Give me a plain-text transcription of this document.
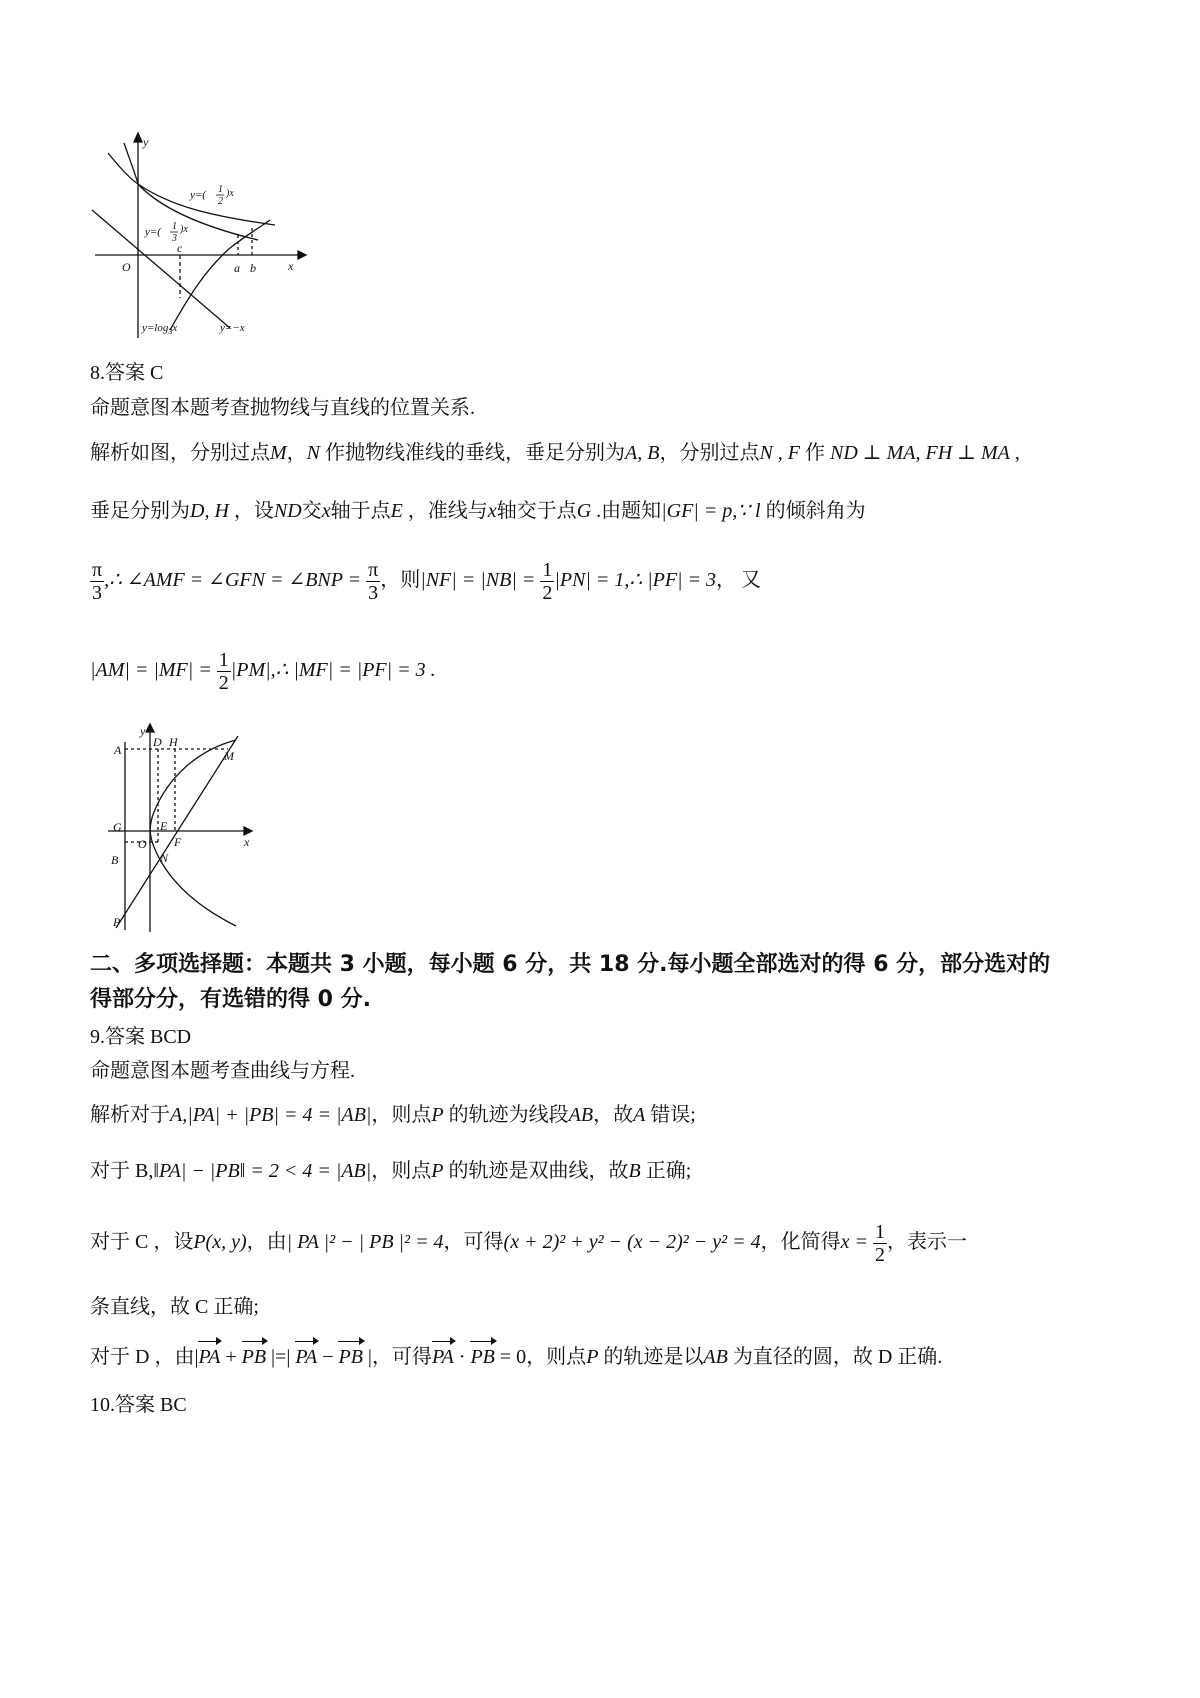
y
x
O
c
a b
y=( 1
2
)x
y=( 1
3
)x
$y=\log_3x$	y=−x
8.答案 C
命题意图本题考查抛物线与直线的位置关系.
解析如图，分别过点M，N 作抛物线准线的垂线，垂足分别为A, B，分别过点N , F 作 ND ⊥ MA, FH ⊥ MA ,
垂足分别为D, H ，设ND交x轴于点E ，准线与x轴交于点G .由题知|GF| = p,∵ l 的倾斜角为
$\frac{\pi}{3}$ ,∴ ∠AMF = ∠GFN = ∠BNP = $\frac{\pi}{3}$ ，则$|NF| = |NB| = \frac{1}{2} |PN|$ = 1,∴ |PF| = 3， 又
$|AM| = |MF| = \frac{1}{2}$ |PM|,∴ |MF| = |PF| = 3 .
y
x
A
D H
M
G	E
O F
B	N
P
二、多项选择题：本题共 3 小题，每小题 6 分，共 18 分.每小题全部选对的得 6 分，部分选对的
得部分分，有选错的得 0 分.
9.答案 BCD
命题意图本题考查曲线与方程.
解析对于A,|PA| + |PB| = 4 = |AB|，则点P 的轨迹为线段AB，故A 错误;
对于 B,‖PA| − |PB‖ = 2 < 4 = |AB|，则点P 的轨迹是双曲线，故B 正确;
对于 C ，设P(x, y)，由| PA |² − | PB |² = 4，可得(x + 2)² + y² − (x − 2)² − y² = 4，化简得$x = \frac{1}{2}$ ，表示一
条直线，故 C 正确;
对于 D ，由|PA + PB |=| PA − PB |，可得PA · PB = 0，则点P 的轨迹是以AB 为直径的圆，故 D 正确.
10.答案 BC
